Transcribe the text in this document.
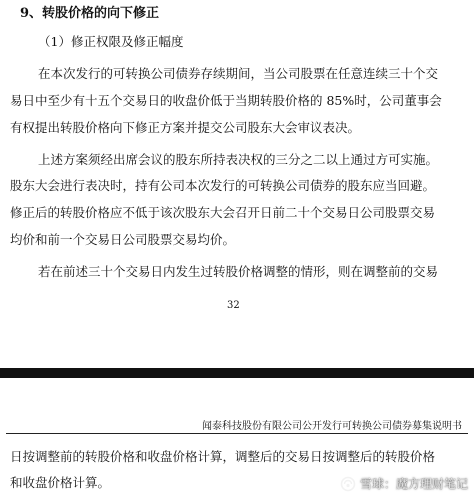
9、转股价格的向下修正
（1）修正权限及修正幅度
在本次发行的可转换公司债券存续期间，当公司股票在任意连续三十个交
易日中至少有十五个交易日的收盘价低于当期转股价格的 85%时，公司董事会
有权提出转股价格向下修正方案并提交公司股东大会审议表决。
上述方案须经出席会议的股东所持表决权的三分之二以上通过方可实施。
股东大会进行表决时，持有公司本次发行的可转换公司债券的股东应当回避。
修正后的转股价格应不低于该次股东大会召开日前二十个交易日公司股票交易
均价和前一个交易日公司股票交易均价。
若在前述三十个交易日内发生过转股价格调整的情形，则在调整前的交易
32
闻泰科技股份有限公司公开发行可转换公司债券募集说明书
日按调整前的转股价格和收盘价格计算，调整后的交易日按调整后的转股价格
和收盘价格计算。	雪球：魔方理财笔记
